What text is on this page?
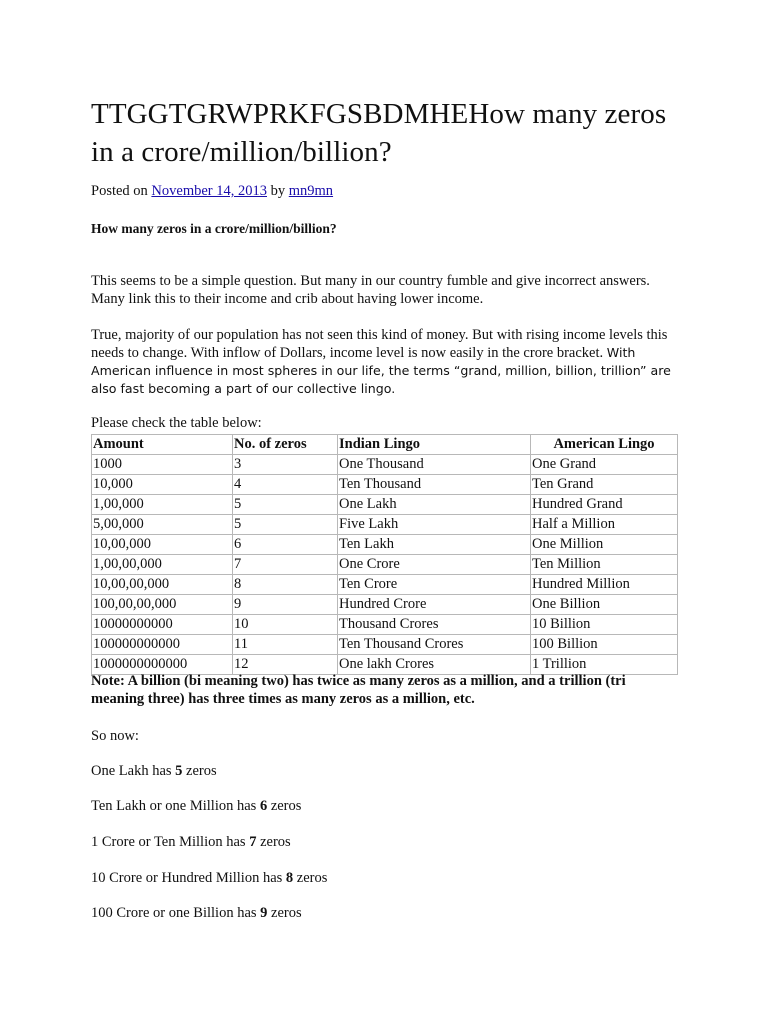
TTGGTGRWPRKFGSBDMHEHow many zeros in a crore/million/billion?
Posted on November 14, 2013 by mn9mn
How many zeros in a crore/million/billion?

This seems to be a simple question. But many in our country fumble and give incorrect answers. Many link this to their income and crib about having lower income.

True, majority of our population has not seen this kind of money. But with rising income levels this needs to change. With inflow of Dollars, income level is now easily in the crore bracket. With American influence in most spheres in our life, the terms “grand, million, billion, trillion” are also fast becoming a part of our collective lingo.

Please check the table below:
Amount	No. of zeros	Indian Lingo	American Lingo
1000	3	One Thousand	One Grand
10,000	4	Ten Thousand	Ten Grand
1,00,000	5	One Lakh	Hundred Grand
5,00,000	5	Five Lakh	Half a Million
10,00,000	6	Ten Lakh	One Million
1,00,00,000	7	One Crore	Ten Million
10,00,00,000	8	Ten Crore	Hundred Million
100,00,00,000	9	Hundred Crore	One Billion
10000000000	10	Thousand Crores	10 Billion
100000000000	11	Ten Thousand Crores	100 Billion
1000000000000	12	One lakh Crores	1 Trillion

Note: A billion (bi meaning two) has twice as many zeros as a million, and a trillion (tri meaning three) has three times as many zeros as a million, etc.

So now:
One Lakh has 5 zeros
Ten Lakh or one Million has 6 zeros
1 Crore or Ten Million has 7 zeros
10 Crore or Hundred Million has 8 zeros
100 Crore or one Billion has 9 zeros
